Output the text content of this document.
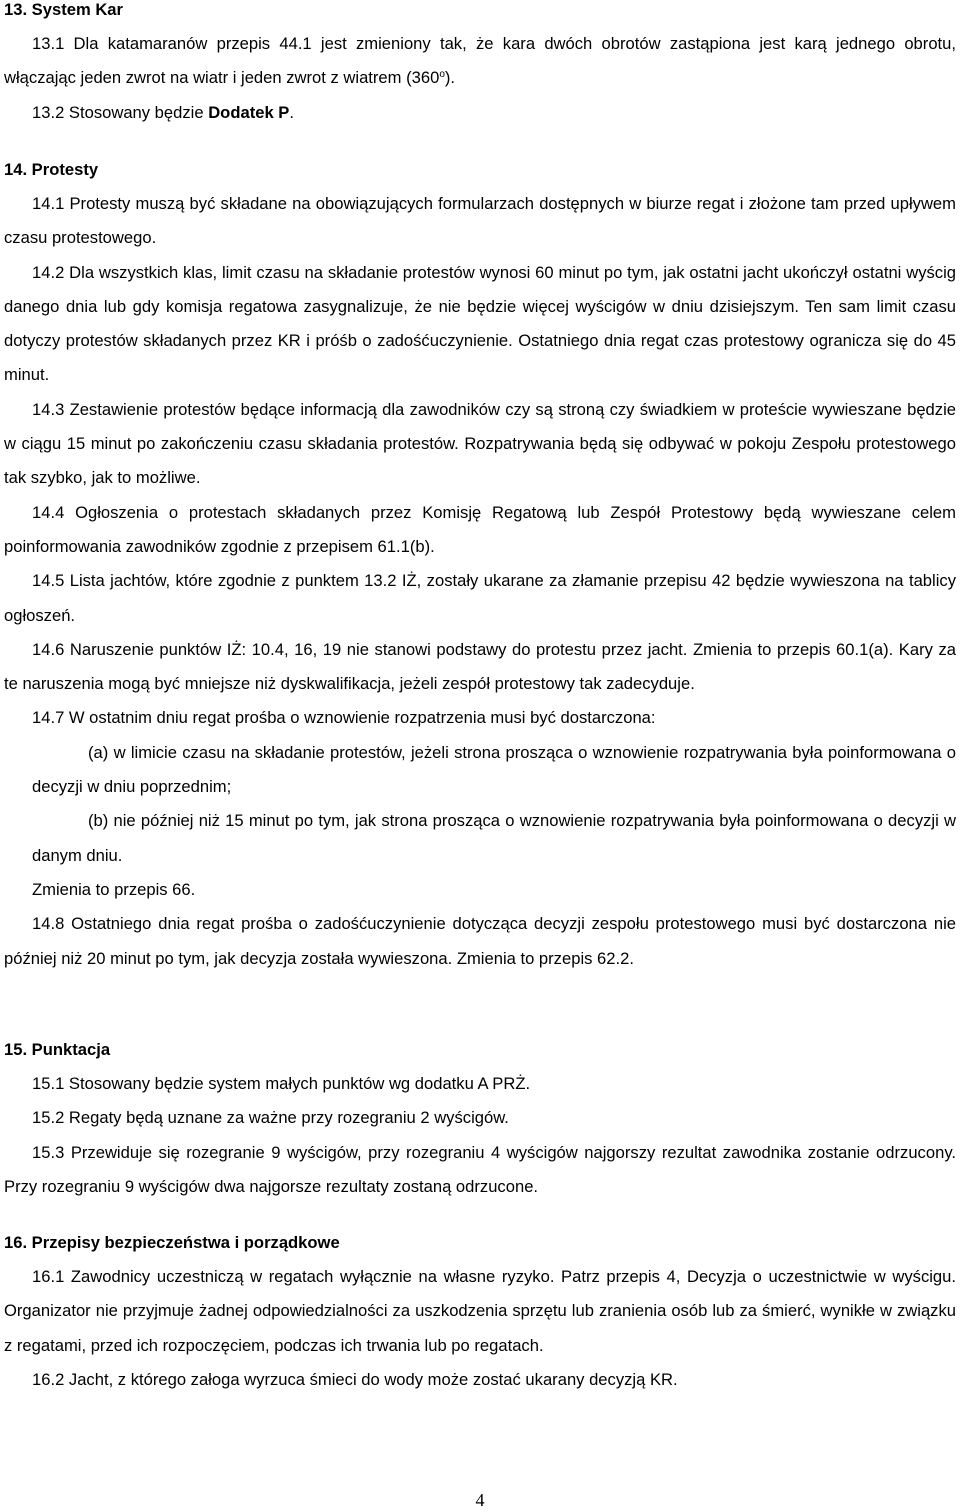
13. System Kar
13.1 Dla katamaranów przepis 44.1 jest zmieniony tak, że kara dwóch obrotów zastąpiona jest karą jednego obrotu, włączając jeden zwrot na wiatr i jeden zwrot z wiatrem (360$^o$).
13.2 Stosowany będzie Dodatek P.
14. Protesty
14.1 Protesty muszą być składane na obowiązujących formularzach dostępnych w biurze regat i złożone tam przed upływem czasu protestowego.
14.2 Dla wszystkich klas, limit czasu na składanie protestów wynosi 60 minut po tym, jak ostatni jacht ukończył ostatni wyścig danego dnia lub gdy komisja regatowa zasygnalizuje, że nie będzie więcej wyścigów w dniu dzisiejszym. Ten sam limit czasu dotyczy protestów składanych przez KR i próśb o zadośćuczynienie. Ostatniego dnia regat czas protestowy ogranicza się do 45 minut.
14.3 Zestawienie protestów będące informacją dla zawodników czy są stroną czy świadkiem w proteście wywieszane będzie w ciągu 15 minut po zakończeniu czasu składania protestów. Rozpatrywania będą się odbywać w pokoju Zespołu protestowego tak szybko, jak to możliwe.
14.4 Ogłoszenia o protestach składanych przez Komisję Regatową lub Zespół Protestowy będą wywieszane celem poinformowania zawodników zgodnie z przepisem 61.1(b).
14.5 Lista jachtów, które zgodnie z punktem 13.2 IŻ, zostały ukarane za złamanie przepisu 42 będzie wywieszona na tablicy ogłoszeń.
14.6 Naruszenie punktów IŻ: 10.4, 16, 19 nie stanowi podstawy do protestu przez jacht. Zmienia to przepis 60.1(a). Kary za te naruszenia mogą być mniejsze niż dyskwalifikacja, jeżeli zespół protestowy tak zadecyduje.
14.7 W ostatnim dniu regat prośba o wznowienie rozpatrzenia musi być dostarczona:
(a) w limicie czasu na składanie protestów, jeżeli strona prosząca o wznowienie rozpatrywania była poinformowana o decyzji w dniu poprzednim;
(b) nie później niż 15 minut po tym, jak strona prosząca o wznowienie rozpatrywania była poinformowana o decyzji w danym dniu.
Zmienia to przepis 66.
14.8 Ostatniego dnia regat prośba o zadośćuczynienie dotycząca decyzji zespołu protestowego musi być dostarczona nie później niż 20 minut po tym, jak decyzja została wywieszona. Zmienia to przepis 62.2.
15. Punktacja
15.1 Stosowany będzie system małych punktów wg dodatku A PRŻ.
15.2 Regaty będą uznane za ważne przy rozegraniu 2 wyścigów.
15.3 Przewiduje się rozegranie 9 wyścigów, przy rozegraniu 4 wyścigów najgorszy rezultat zawodnika zostanie odrzucony. Przy rozegraniu 9 wyścigów dwa najgorsze rezultaty zostaną odrzucone.
16. Przepisy bezpieczeństwa i porządkowe
16.1 Zawodnicy uczestniczą w regatach wyłącznie na własne ryzyko. Patrz przepis 4, Decyzja o uczestnictwie w wyścigu. Organizator nie przyjmuje żadnej odpowiedzialności za uszkodzenia sprzętu lub zranienia osób lub za śmierć, wynikłe w związku z regatami, przed ich rozpoczęciem, podczas ich trwania lub po regatach.
16.2 Jacht, z którego załoga wyrzuca śmieci do wody może zostać ukarany decyzją KR.
4
